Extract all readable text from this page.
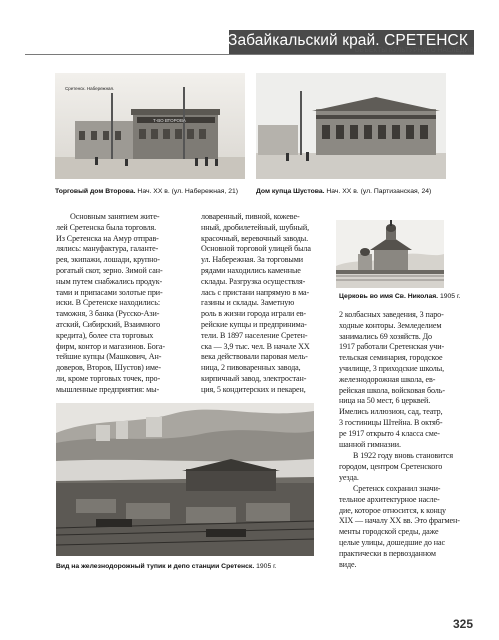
Забайкальский край. СРЕТЕНСК
ОБЪЕКТЫ КУЛЬТУРНОГО НАСЛЕДИЯ
Сретенск. Набережная.
Т-ВО ВТОРОВА
Торговый дом Второва. Нач. XX в. (ул. Набережная, 21)	Дом купца Шустова. Нач. XX в. (ул. Партизанская, 24)
Основным занятием жите-
лей Сретенска была торговля.
Из Сретенска на Амур отправ-
лялись: мануфактура, галанте-
рея, экипажи, лошади, крупно-
рогатый скот, зерно. Зимой сан-
ным путем снабжались продук-
тами и припасами золотые при-
иски. В Сретенске находились:
таможня, 3 банка (Русско-Ази-
атский, Сибирский, Взаимного
кредита), более ста торговых
фирм, контор и магазинов. Бога-
тейшие купцы (Машкович, Ан-
доверов, Второв, Шустов) име-
ли, кроме торговых точек, про-
мышленные предприятия: мы-
ловаренный, пивной, кожеве-
нный, дробилетейный, шубный,
красочный, веревочный заводы.
Основной торговой улицей была
ул. Набережная. За торговыми
рядами находились каменные
склады. Разгрузка осуществля-
лась с пристани напрямую в ма-
газины и склады. Заметную
роль в жизни города играли ев-
рейские купцы и предпринима-
тели. В 1897 население Сретен-
ска — 3,9 тыс. чел. В начале XX
века действовали паровая мель-
ница, 2 пивоваренных завода,
кирпичный завод, электростан-
ция, 5 кондитерских и пекарен,
Церковь во имя Св. Николая. 1905 г.
2 колбасных заведения, 3 паро-
ходные конторы. Земледелием
занимались 69 хозяйств. До
1917 работали Сретенская учи-
тельская семинария, городское
училище, 3 приходские школы,
железнодорожная школа, ев-
рейская школа, войсковая боль-
ница на 50 мест, 6 церквей.
Имелись иллюзион, сад, театр,
3 гостиницы Штейна. В октяб-
ре 1917 открыто 4 класса сме-
шанной гимназии.
В 1922 году вновь становится
городом, центром Сретенского
уезда.
Сретенск сохранил значи-
тельное архитектурное насле-
дие, которое относится, к концу
XIX — началу XX вв. Это фрагмен-
менты городской среды, даже
целые улицы, дошедшие до нас
практически в первозданном
виде.
Вид на железнодорожный тупик и депо станции Сретенск. 1905 г.
325
